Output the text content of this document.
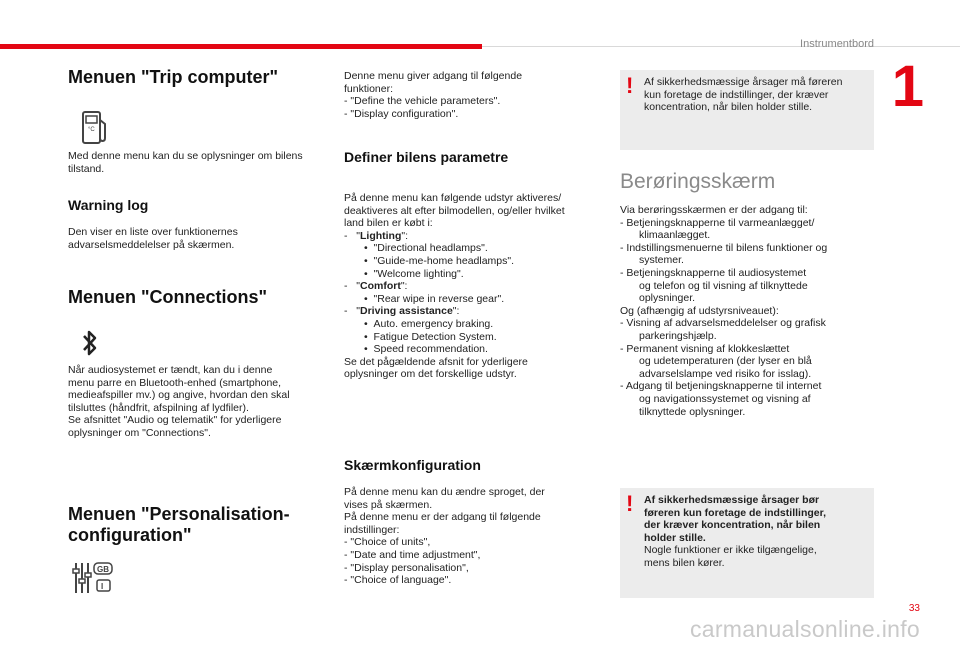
Instrumentbord
1
Menuen "Trip computer"
°C
Med denne menu kan du se oplysninger om bilens tilstand.
Warning log
Den viser en liste over funktionernes advarselsmeddelelser på skærmen.
Menuen "Connections"
Når audiosystemet er tændt, kan du i denne
menu parre en Bluetooth-enhed (smartphone,
medieafspiller mv.) og angive, hvordan den skal
tilsluttes (håndfrit, afspilning af lydfiler).
Se afsnittet "Audio og telematik" for yderligere
oplysninger om "Connections".
Menuen "Personalisation-
configuration"
GB
I
Denne menu giver adgang til følgende
funktioner:
- "Define the vehicle parameters".
- "Display configuration".
Definer bilens parametre
På denne menu kan følgende udstyr aktiveres/
deaktiveres alt efter bilmodellen, og/eller hvilket
land bilen er købt i:
-   "Lighting":
•  "Directional headlamps".
•  "Guide-me-home headlamps".
•  "Welcome lighting".
-   "Comfort":
•  "Rear wipe in reverse gear".
-   "Driving assistance":
•  Auto. emergency braking.
•  Fatigue Detection System.
•  Speed recommendation.
Se det pågældende afsnit for yderligere
oplysninger om det forskellige udstyr.
Skærmkonfiguration
På denne menu kan du ændre sproget, der
vises på skærmen.
På denne menu er der adgang til følgende
indstillinger:
- "Choice of units",
- "Date and time adjustment",
- "Display personalisation",
- "Choice of language".
! Af sikkerhedsmæssige årsager må føreren
kun foretage de indstillinger, der kræver
koncentration, når bilen holder stille.
Berøringsskærm
Via berøringsskærmen er der adgang til:
- Betjeningsknapperne til varmeanlægget/
klimaanlægget.
- Indstillingsmenuerne til bilens funktioner og
systemer.
- Betjeningsknapperne til audiosystemet
og telefon og til visning af tilknyttede
oplysninger.
Og (afhængig af udstyrsniveauet):
- Visning af advarselsmeddelelser og grafisk
parkeringshjælp.
- Permanent visning af klokkeslættet
og udetemperaturen (der lyser en blå
advarselslampe ved risiko for isslag).
- Adgang til betjeningsknapperne til internet
og navigationssystemet og visning af
tilknyttede oplysninger.
! Af sikkerhedsmæssige årsager bør
føreren kun foretage de indstillinger,
der kræver koncentration, når bilen
holder stille.
Nogle funktioner er ikke tilgængelige,
mens bilen kører.
33
carmanualsonline.info
